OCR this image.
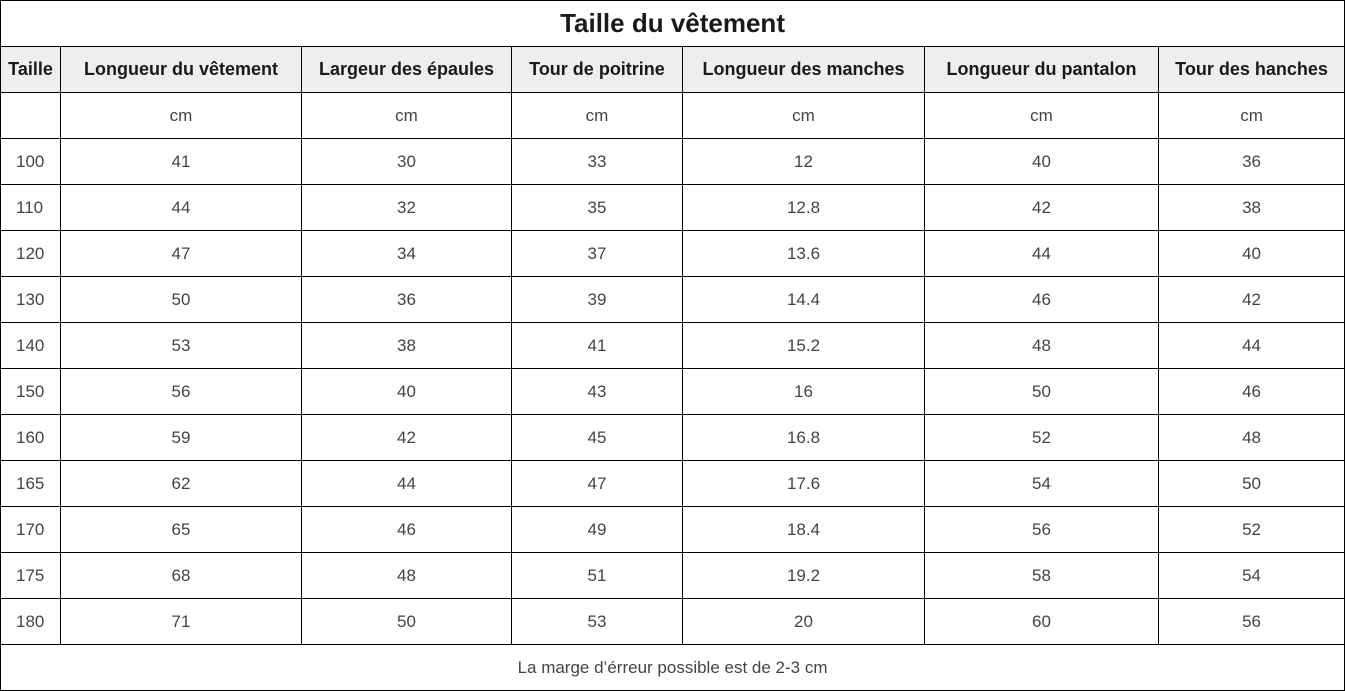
Taille du vêtement						
Taille	Longueur du vêtement	Largeur des épaules	Tour de poitrine	Longueur des manches	Longueur du pantalon	Tour des hanches
	cm	cm	cm	cm	cm	cm
100	41	30	33	12	40	36
110	44	32	35	12.8	42	38
120	47	34	37	13.6	44	40
130	50	36	39	14.4	46	42
140	53	38	41	15.2	48	44
150	56	40	43	16	50	46
160	59	42	45	16.8	52	48
165	62	44	47	17.6	54	50
170	65	46	49	18.4	56	52
175	68	48	51	19.2	58	54
180	71	50	53	20	60	56
La marge d’érreur possible est de 2-3 cm						
